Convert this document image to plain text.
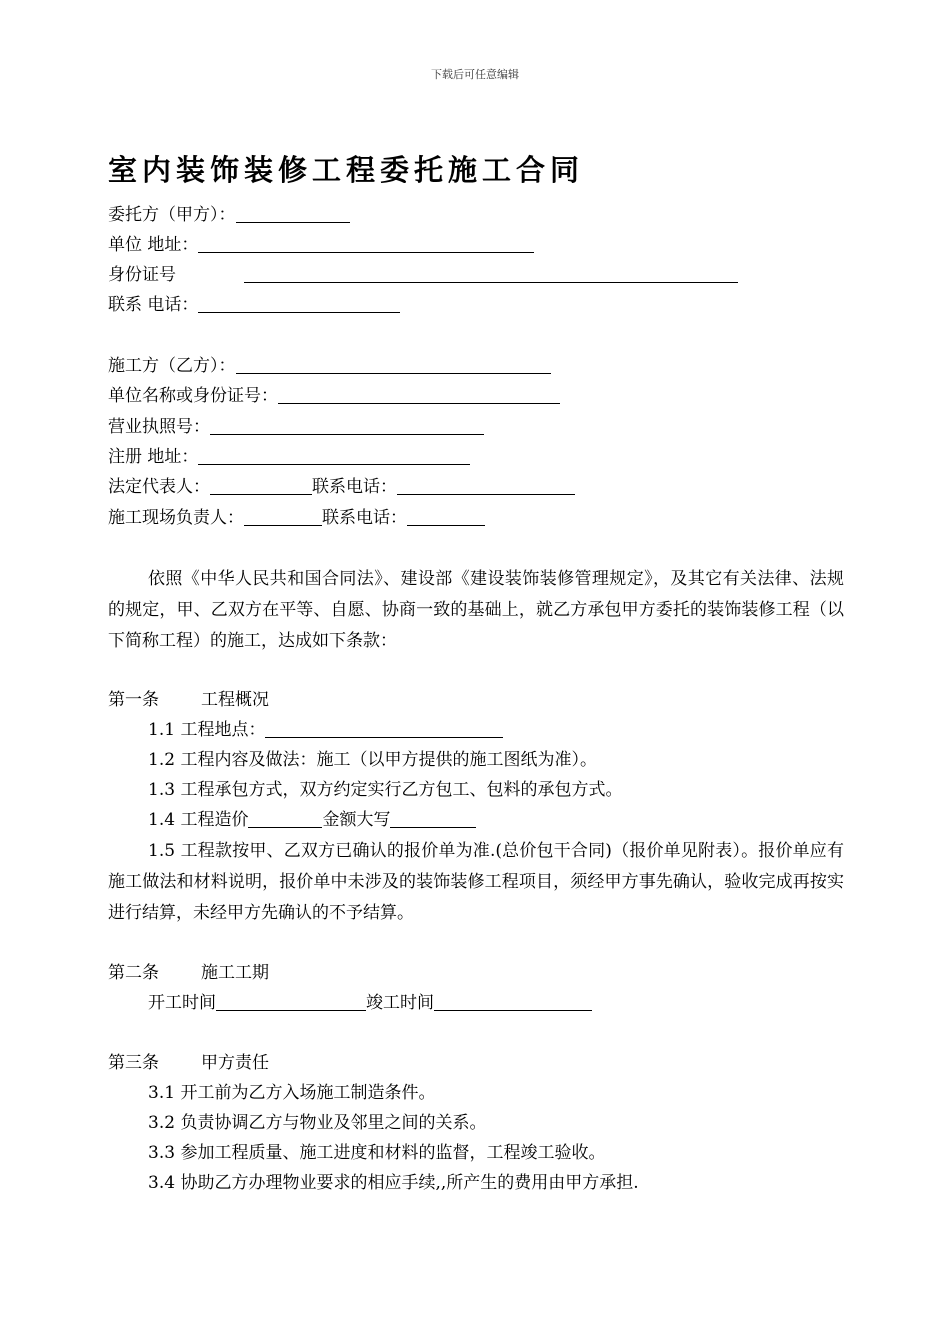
下载后可任意编辑
室内装饰装修工程委托施工合同
委托方（甲方）：
单位 地址：
身份证号
联系 电话：
施工方（乙方）：
单位名称或身份证号：
营业执照号：
注册 地址：
法定代表人：	联系电话：
施工现场负责人：	联系电话：
依照《中华人民共和国合同法》、建设部《建设装饰装修管理规定》，及其它有关法律、法规的规定，甲、乙双方在平等、自愿、协商一致的基础上，就乙方承包甲方委托的装饰装修工程（以下简称工程）的施工，达成如下条款：
第一条 工程概况
1.1 工程地点：
1.2 工程内容及做法：施工（以甲方提供的施工图纸为准）。
1.3 工程承包方式，双方约定实行乙方包工、包料的承包方式。
1.4 工程造价	金额大写
1.5 工程款按甲、乙双方已确认的报价单为准.(总价包干合同)（报价单见附表）。报价单应有施工做法和材料说明，报价单中未涉及的装饰装修工程项目，须经甲方事先确认，验收完成再按实进行结算，未经甲方先确认的不予结算。
第二条 施工工期
开工时间	竣工时间
第三条 甲方责任
3.1 开工前为乙方入场施工制造条件。
3.2 负责协调乙方与物业及邻里之间的关系。
3.3 参加工程质量、施工进度和材料的监督，工程竣工验收。
3.4 协助乙方办理物业要求的相应手续,,所产生的费用由甲方承担.
